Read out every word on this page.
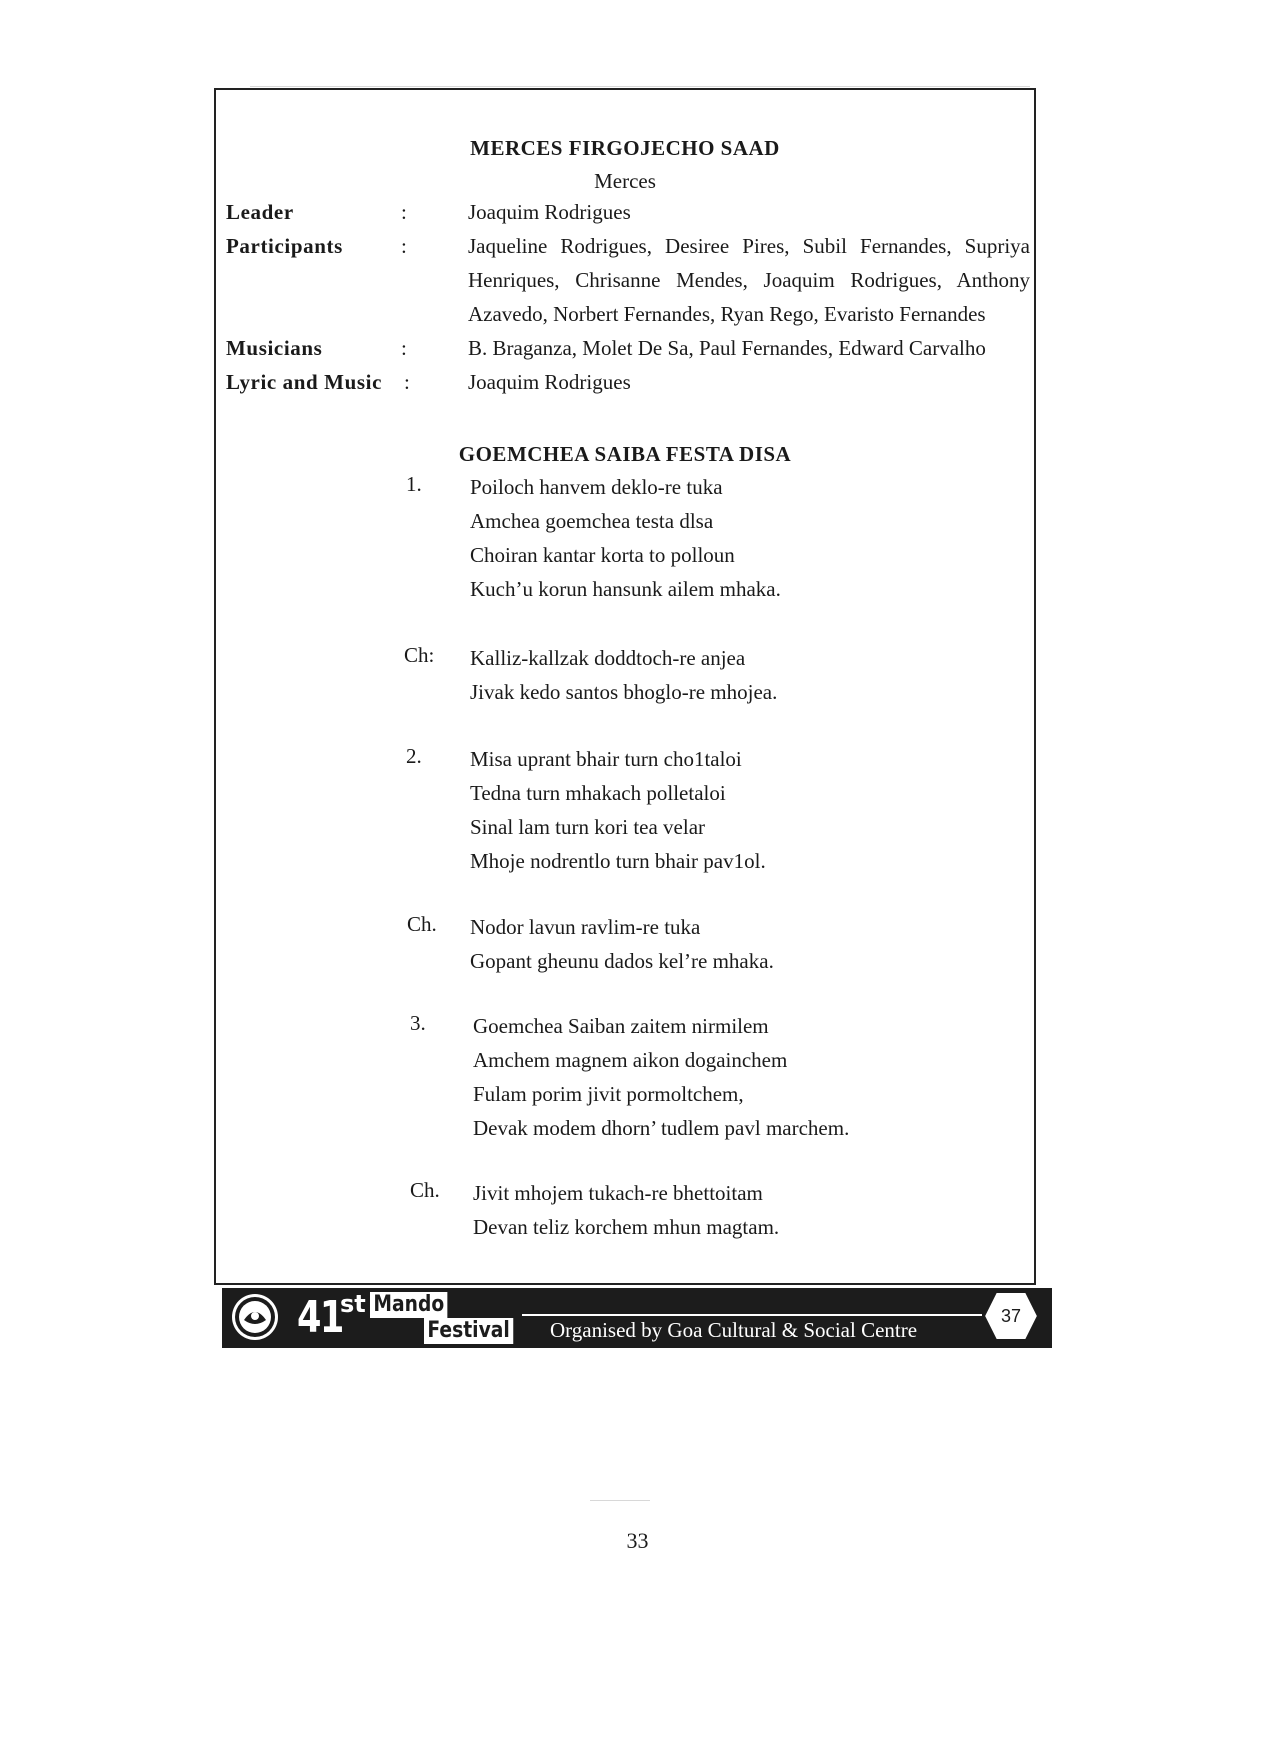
MERCES FIRGOJECHO SAAD
Merces
Leader	:	Joaquim Rodrigues
Participants	:	Jaqueline Rodrigues, Desiree Pires, Subil Fernandes, Supriya Henriques, Chrisanne Mendes, Joaquim Rodrigues, Anthony Azavedo, Norbert Fernandes, Ryan Rego, Evaristo Fernandes
Musicians	:	B. Braganza, Molet De Sa, Paul Fernandes, Edward Carvalho
Lyric and Music :	Joaquim Rodrigues
GOEMCHEA SAIBA FESTA DISA
1. Poiloch hanvem deklo-re tuka
Amchea goemchea testa dlsa
Choiran kantar korta to polloun
Kuch’u korun hansunk ailem mhaka.
Ch: Kalliz-kallzak doddtoch-re anjea
Jivak kedo santos bhoglo-re mhojea.
2. Misa uprant bhair turn cho1taloi
Tedna turn mhakach polletaloi
Sinal lam turn kori tea velar
Mhoje nodrentlo turn bhair pav1ol.
Ch. Nodor lavun ravlim-re tuka
Gopant gheunu dados kel’re mhaka.
3. Goemchea Saiban zaitem nirmilem
Amchem magnem aikon dogainchem
Fulam porim jivit pormoltchem,
Devak modem dhorn’ tudlem pavl marchem.
Ch. Jivit mhojem tukach-re bhettoitam
Devan teliz korchem mhun magtam.
41
st Mando
Festival Organised by Goa Cultural & Social Centre
37
33
